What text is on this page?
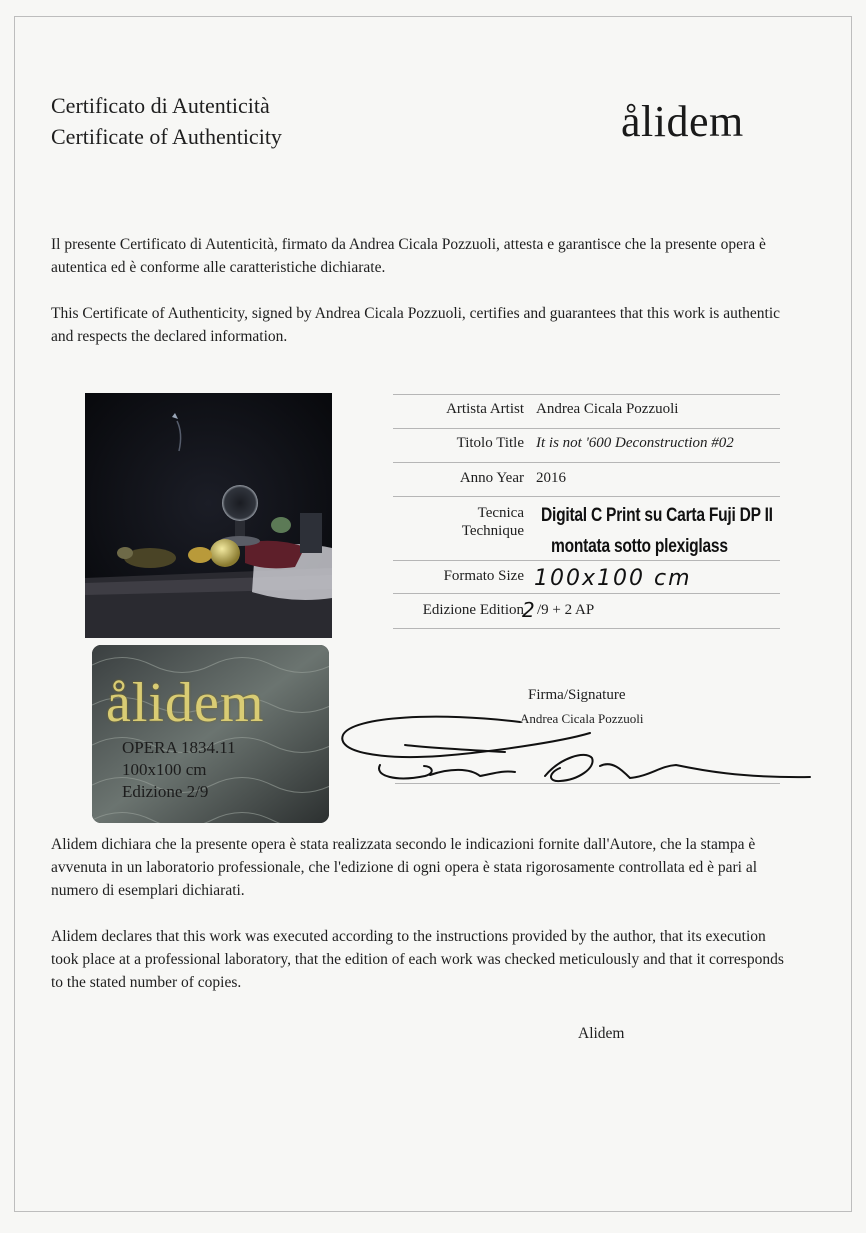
Certificato di Autenticità
Certificate of Authenticity	ålidem
Il presente Certificato di Autenticità, firmato da Andrea Cicala Pozzuoli, attesta e garantisce che la presente opera è autentica ed è conforme alle caratteristiche dichiarate.
This Certificate of Authenticity, signed by Andrea Cicala Pozzuoli, certifies and guarantees that this work is authentic and respects the declared information.
ålidem
OPERA 1834.11
100x100 cm
Edizione 2/9
Artista Artist Andrea Cicala Pozzuoli
Titolo Title It is not '600 Deconstruction #02
Anno Year 2016
Tecnica
Technique
Digital C Print su Carta Fuji DP II
montata sotto plexiglass
Formato Size 100x100 cm
Edizione Edition
2 /9 + 2 AP
Firma/Signature
Andrea Cicala Pozzuoli
Alidem dichiara che la presente opera è stata realizzata secondo le indicazioni fornite dall'Autore, che la stampa è avvenuta in un laboratorio professionale, che l'edizione di ogni opera è stata rigorosamente controllata ed è pari al numero di esemplari dichiarati.
Alidem declares that this work was executed according to the instructions provided by the author, that its execution took place at a professional laboratory, that the edition of each work was checked meticulously and that it corresponds to the stated number of copies.
Alidem
